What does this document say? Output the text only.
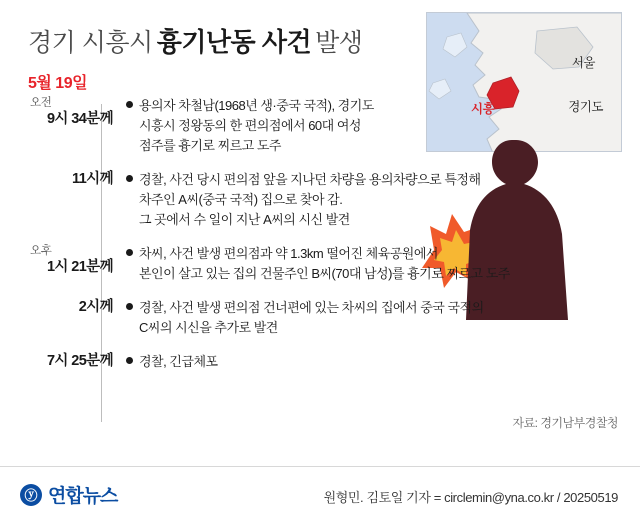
경기 시흥시 흉기난동 사건 발생
5월 19일
서울
경기도
시흥
오전
9시 34분께
용의자 차철남(1968년 생·중국 국적), 경기도
시흥시 정왕동의 한 편의점에서 60대 여성
점주를 흉기로 찌르고 도주
11시께 경찰, 사건 당시 편의점 앞을 지나던 차량을 용의차량으로 특정해
차주인 A씨(중국 국적) 집으로 찾아 감.
그 곳에서 수 일이 지난 A씨의 시신 발견
오후
1시 21분께
차씨, 사건 발생 편의점과 약 1.3km 떨어진 체육공원에서
본인이 살고 있는 집의 건물주인 B씨(70대 남성)를 흉기로 찌르고 도주
2시께 경찰, 사건 발생 편의점 건너편에 있는 차씨의 집에서 중국 국적의
C씨의 시신을 추가로 발견
7시 25분께 경찰, 긴급체포
자료: 경기남부경찰청
ⓨ 연합뉴스	원형민. 김토일 기자 = circlemin@yna.co.kr / 20250519
